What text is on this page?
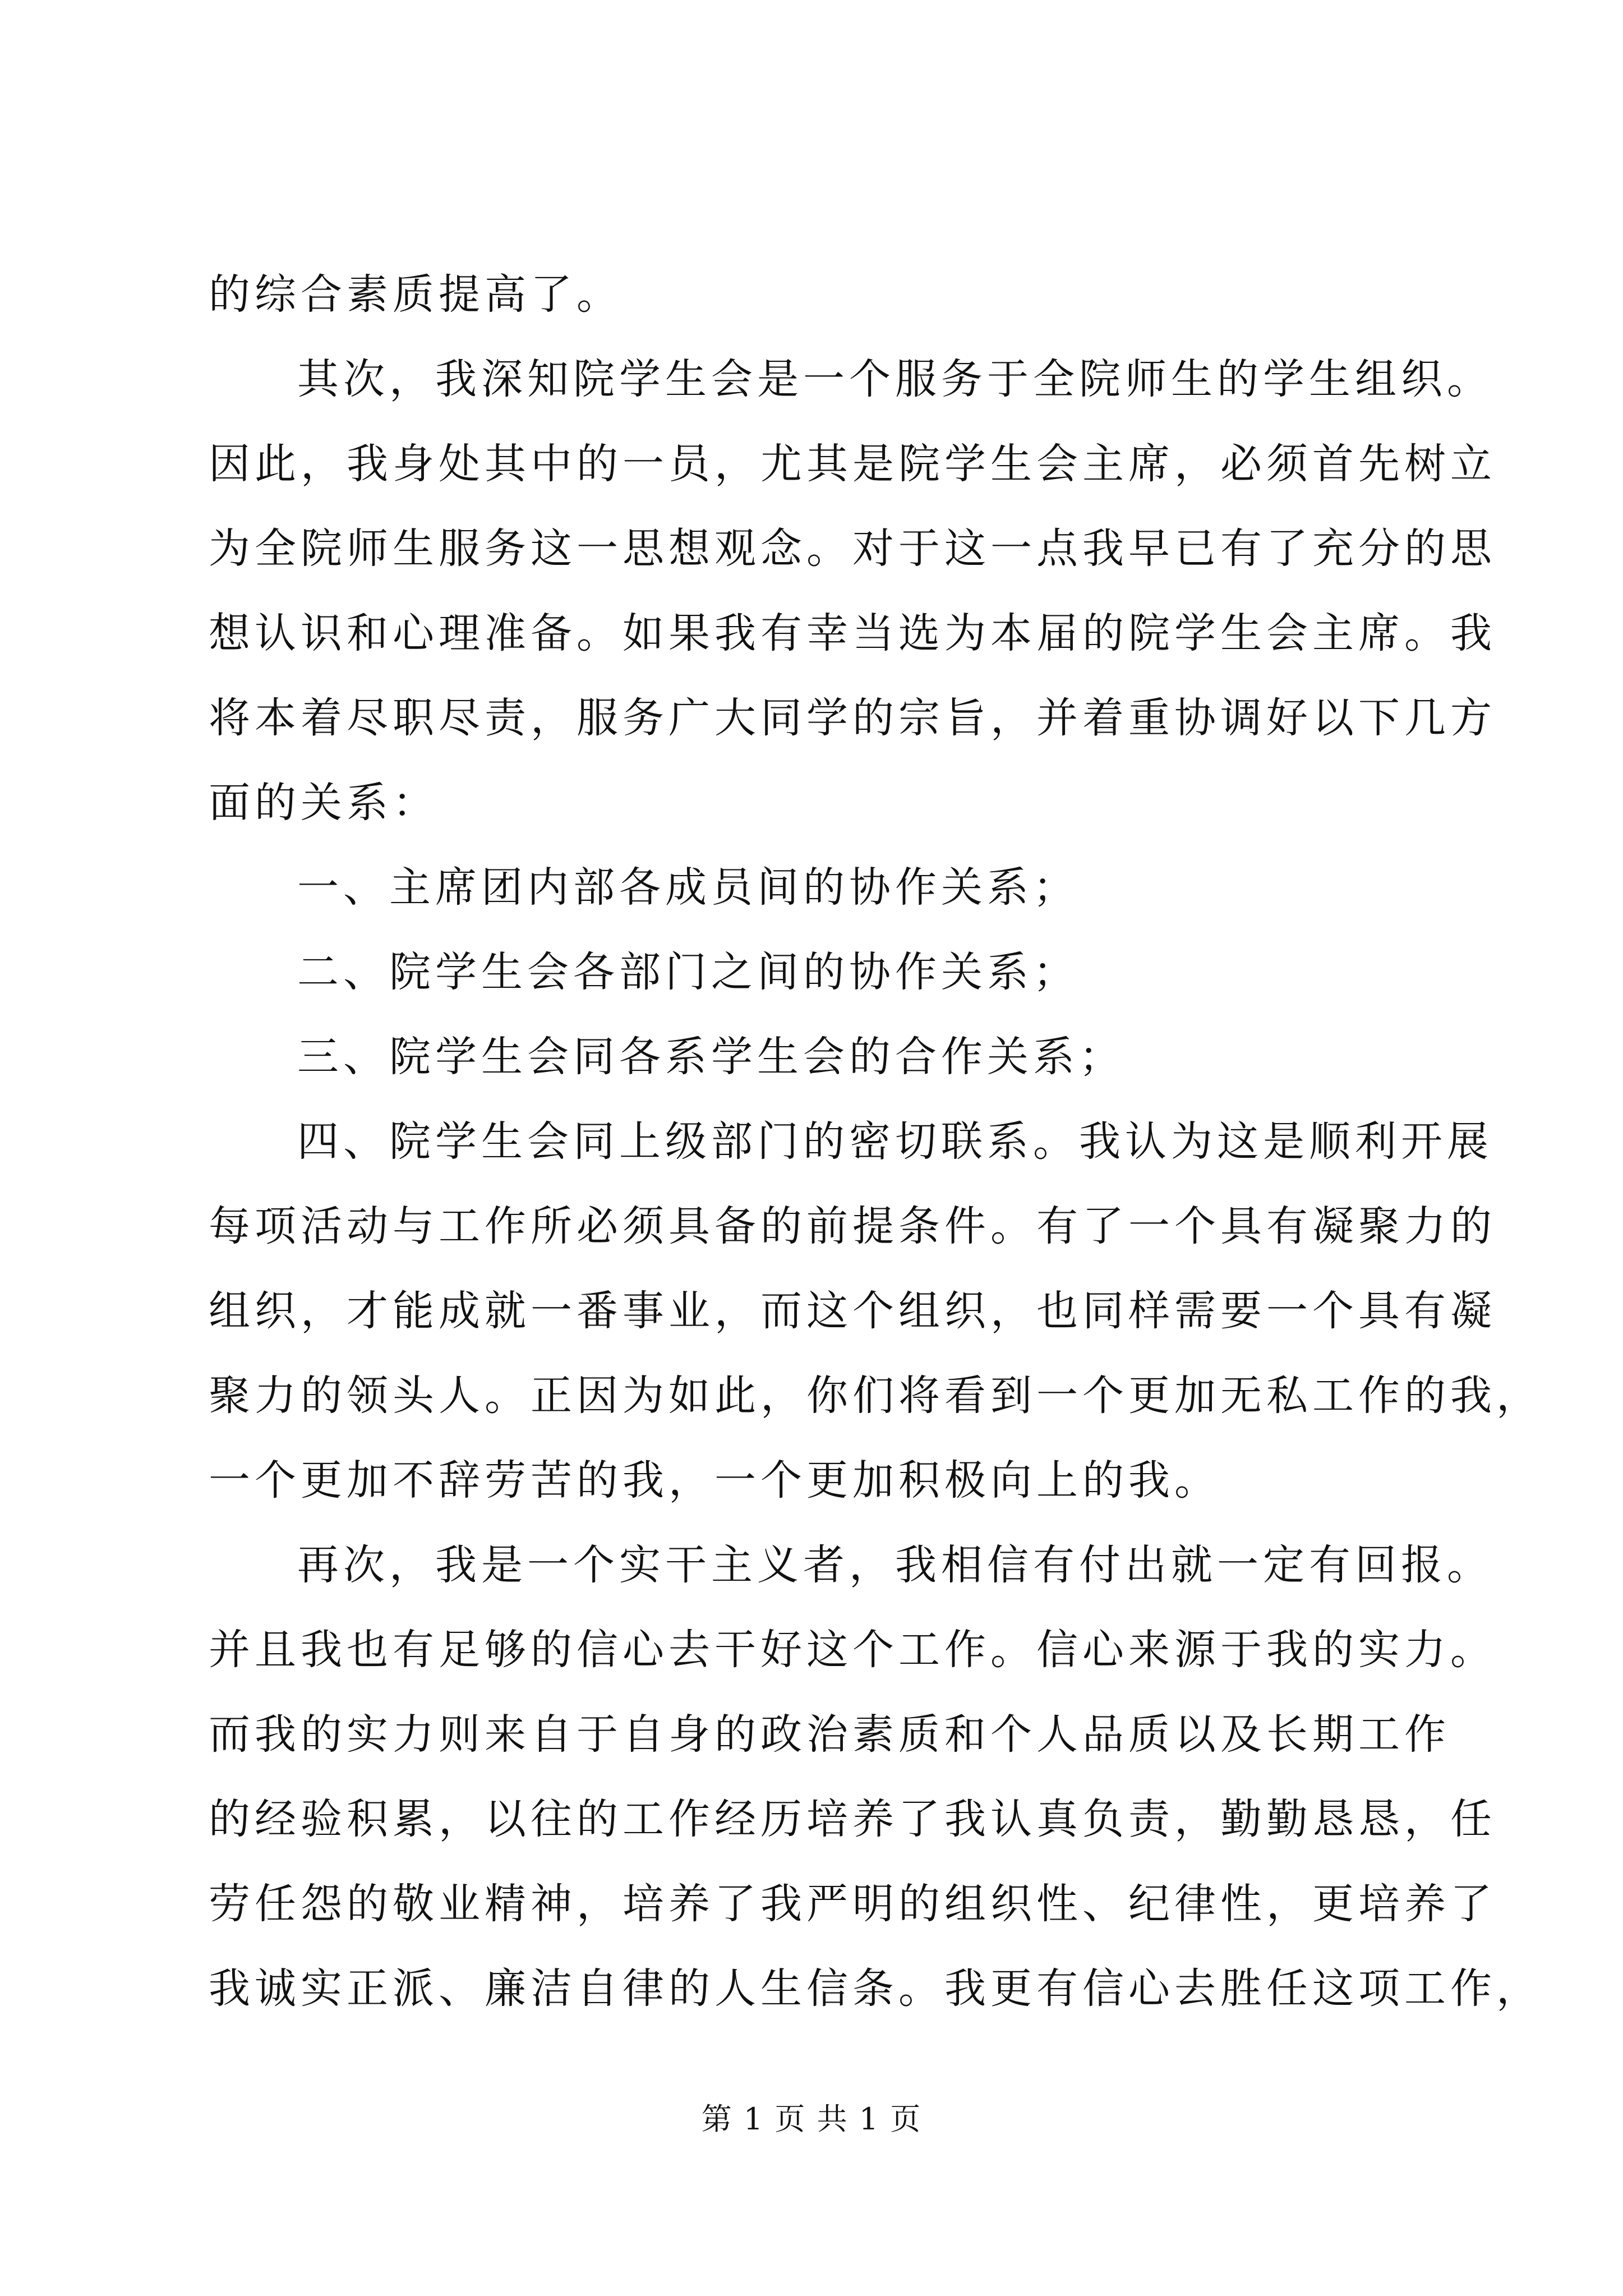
的综合素质提高了。
其次，我深知院学生会是一个服务于全院师生的学生组织。
因此，我身处其中的一员，尤其是院学生会主席，必须首先树立
为全院师生服务这一思想观念。对于这一点我早已有了充分的思
想认识和心理准备。如果我有幸当选为本届的院学生会主席。我
将本着尽职尽责，服务广大同学的宗旨，并着重协调好以下几方
面的关系：
一、主席团内部各成员间的协作关系；
二、院学生会各部门之间的协作关系；
三、院学生会同各系学生会的合作关系；
四、院学生会同上级部门的密切联系。我认为这是顺利开展
每项活动与工作所必须具备的前提条件。有了一个具有凝聚力的
组织，才能成就一番事业，而这个组织，也同样需要一个具有凝
聚力的领头人。正因为如此，你们将看到一个更加无私工作的我，
一个更加不辞劳苦的我，一个更加积极向上的我。
再次，我是一个实干主义者，我相信有付出就一定有回报。
并且我也有足够的信心去干好这个工作。信心来源于我的实力。
而我的实力则来自于自身的政治素质和个人品质以及长期工作
的经验积累，以往的工作经历培养了我认真负责，勤勤恳恳，任
劳任怨的敬业精神，培养了我严明的组织性、纪律性，更培养了
我诚实正派、廉洁自律的人生信条。我更有信心去胜任这项工作，
第 1 页 共 1 页
